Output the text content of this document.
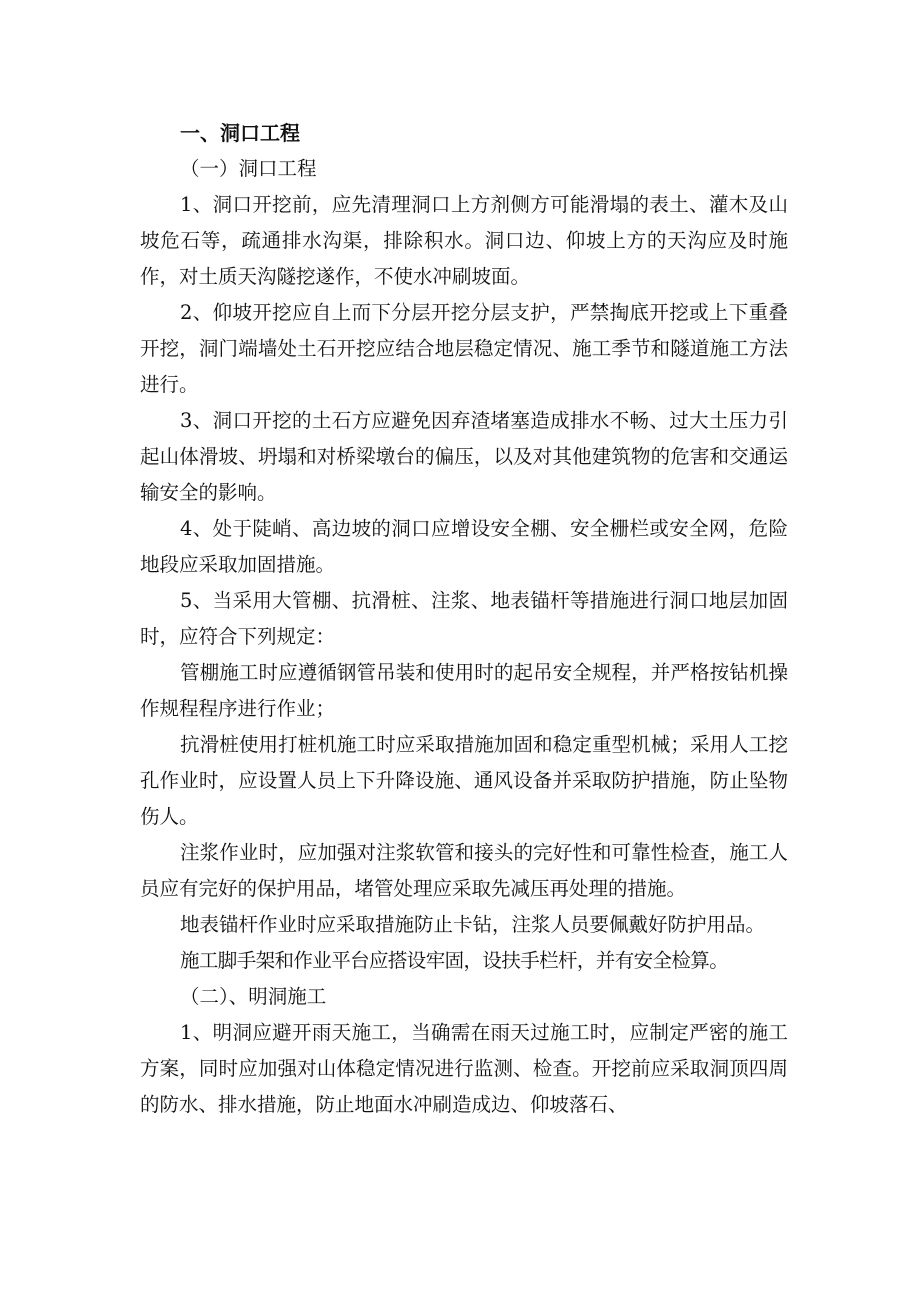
一、洞口工程

（一）洞口工程

1、洞口开挖前，应先清理洞口上方剂侧方可能滑塌的表土、灌木及山坡危石等，疏通排水沟渠，排除积水。洞口边、仰坡上方的天沟应及时施作，对土质天沟隧挖遂作，不使水冲刷坡面。

2、仰坡开挖应自上而下分层开挖分层支护，严禁掏底开挖或上下重叠开挖，洞门端墙处土石开挖应结合地层稳定情况、施工季节和隧道施工方法进行。

3、洞口开挖的土石方应避免因弃渣堵塞造成排水不畅、过大土压力引起山体滑坡、坍塌和对桥梁墩台的偏压，以及对其他建筑物的危害和交通运输安全的影响。

4、处于陡峭、高边坡的洞口应增设安全棚、安全栅栏或安全网，危险地段应采取加固措施。

5、当采用大管棚、抗滑桩、注浆、地表锚杆等措施进行洞口地层加固时，应符合下列规定：

管棚施工时应遵循钢管吊装和使用时的起吊安全规程，并严格按钻机操作规程程序进行作业；

抗滑桩使用打桩机施工时应采取措施加固和稳定重型机械；采用人工挖孔作业时，应设置人员上下升降设施、通风设备并采取防护措施，防止坠物伤人。

注浆作业时，应加强对注浆软管和接头的完好性和可靠性检查，施工人员应有完好的保护用品，堵管处理应采取先减压再处理的措施。

地表锚杆作业时应采取措施防止卡钻，注浆人员要佩戴好防护用品。

施工脚手架和作业平台应搭设牢固，设扶手栏杆，并有安全检算。

（二）、明洞施工

1、明洞应避开雨天施工，当确需在雨天过施工时，应制定严密的施工方案，同时应加强对山体稳定情况进行监测、检查。开挖前应采取洞顶四周的防水、排水措施，防止地面水冲刷造成边、仰坡落石、
